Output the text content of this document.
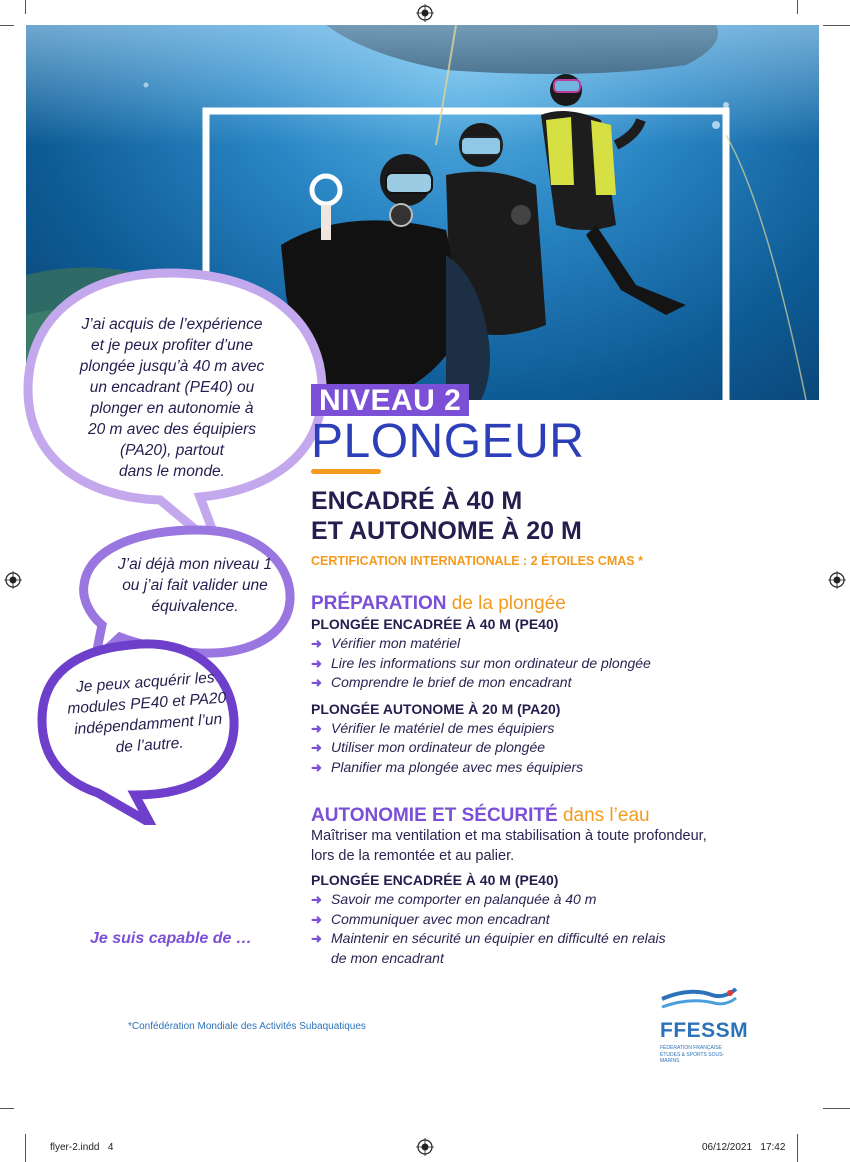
J’ai acquis de l’expérience
et je peux profiter d’une
plongée jusqu’à 40 m avec
un encadrant (PE40) ou
plonger en autonomie à
20 m avec des équipiers
(PA20), partout
dans le monde.
J’ai déjà mon niveau 1
ou j’ai fait valider une
équivalence.
Je peux acquérir les
modules PE40 et PA20
indépendamment l’un
de l’autre.
Je suis capable de …
NIVEAU 2
PLONGEUR
ENCADRÉ À 40 M
ET AUTONOME À 20 M
CERTIFICATION INTERNATIONALE : 2 ÉTOILES CMAS *
PRÉPARATION de la plongée
PLONGÉE ENCADRÉE À 40 M (PE40)
➜ Vérifier mon matériel
➜ Lire les informations sur mon ordinateur de plongée
➜ Comprendre le brief de mon encadrant
PLONGÉE AUTONOME À 20 M (PA20)
➜ Vérifier le matériel de mes équipiers
➜ Utiliser mon ordinateur de plongée
➜ Planifier ma plongée avec mes équipiers
AUTONOMIE ET SÉCURITÉ dans l’eau
Maîtriser ma ventilation et ma stabilisation à toute profondeur,
lors de la remontée et au palier.
PLONGÉE ENCADRÉE À 40 M (PE40)
➜ Savoir me comporter en palanquée à 40 m
➜ Communiquer avec mon encadrant
➜ Maintenir en sécurité un équipier en difficulté en relais
de mon encadrant
*Confédération Mondiale des Activités Subaquatiques	FFESSM
FÉDÉRATION FRANÇAISE
ÉTUDES & SPORTS SOUS-MARINS
flyer-2.indd 4	06/12/2021 17:42
